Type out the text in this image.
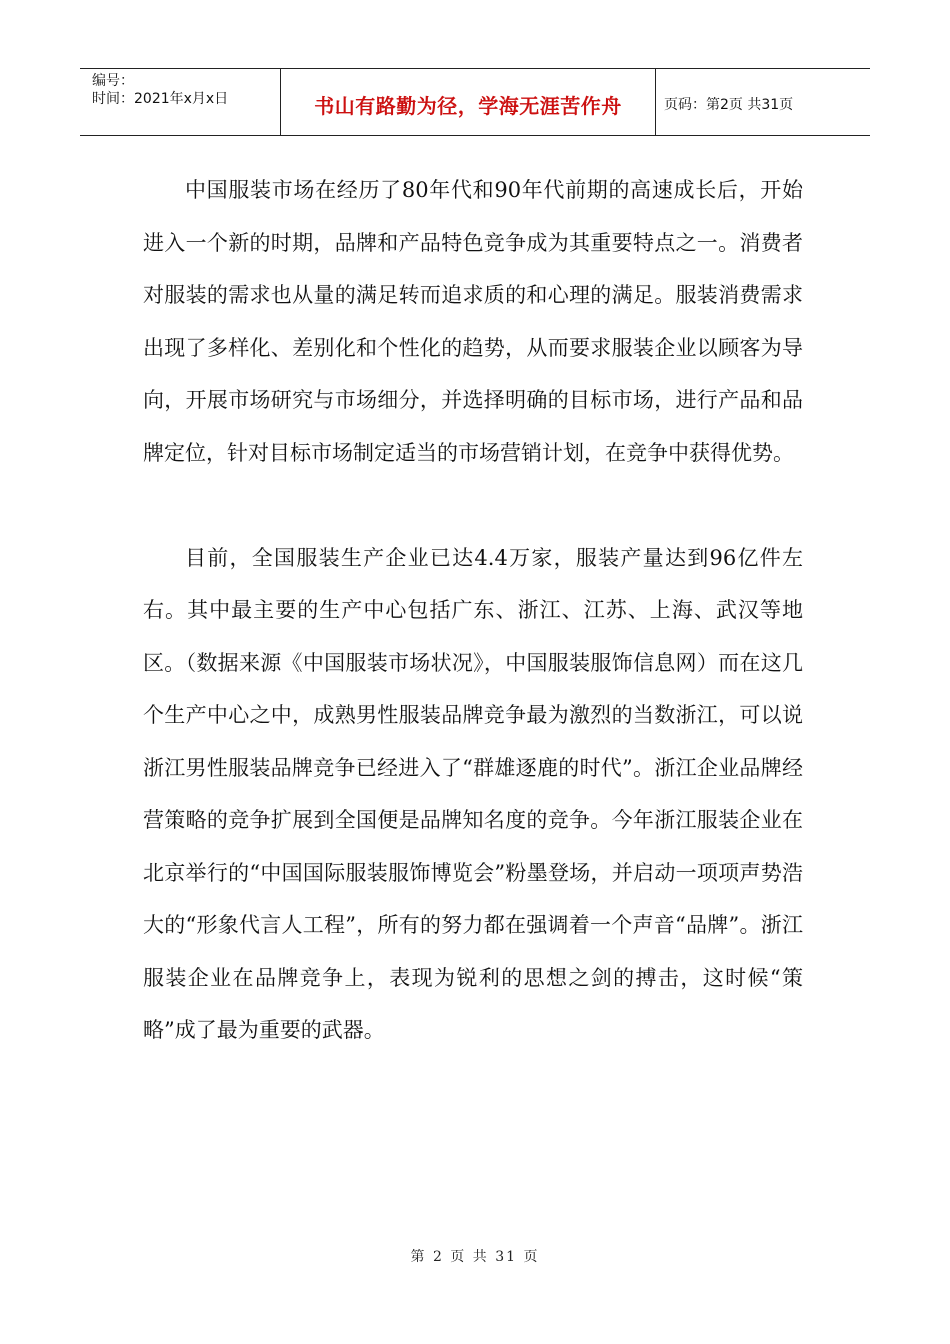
编号：
时间：2021年x月x日	书山有路勤为径，学海无涯苦作舟	页码：第2页 共31页

中国服装市场在经历了80年代和90年代前期的高速成长后，开始进入一个新的时期，品牌和产品特色竞争成为其重要特点之一。消费者对服装的需求也从量的满足转而追求质的和心理的满足。服装消费需求出现了多样化、差别化和个性化的趋势，从而要求服装企业以顾客为导向，开展市场研究与市场细分，并选择明确的目标市场，进行产品和品牌定位，针对目标市场制定适当的市场营销计划，在竞争中获得优势。

目前，全国服装生产企业已达4.4万家，服装产量达到96亿件左右。其中最主要的生产中心包括广东、浙江、江苏、上海、武汉等地区。（数据来源《中国服装市场状况》，中国服装服饰信息网）而在这几个生产中心之中，成熟男性服装品牌竞争最为激烈的当数浙江，可以说浙江男性服装品牌竞争已经进入了“群雄逐鹿的时代”。浙江企业品牌经营策略的竞争扩展到全国便是品牌知名度的竞争。今年浙江服装企业在北京举行的“中国国际服装服饰博览会”粉墨登场，并启动一项项声势浩大的“形象代言人工程”，所有的努力都在强调着一个声音“品牌”。浙江服装企业在品牌竞争上，表现为锐利的思想之剑的搏击，这时候“策略”成了最为重要的武器。

第 2 页 共 31 页
